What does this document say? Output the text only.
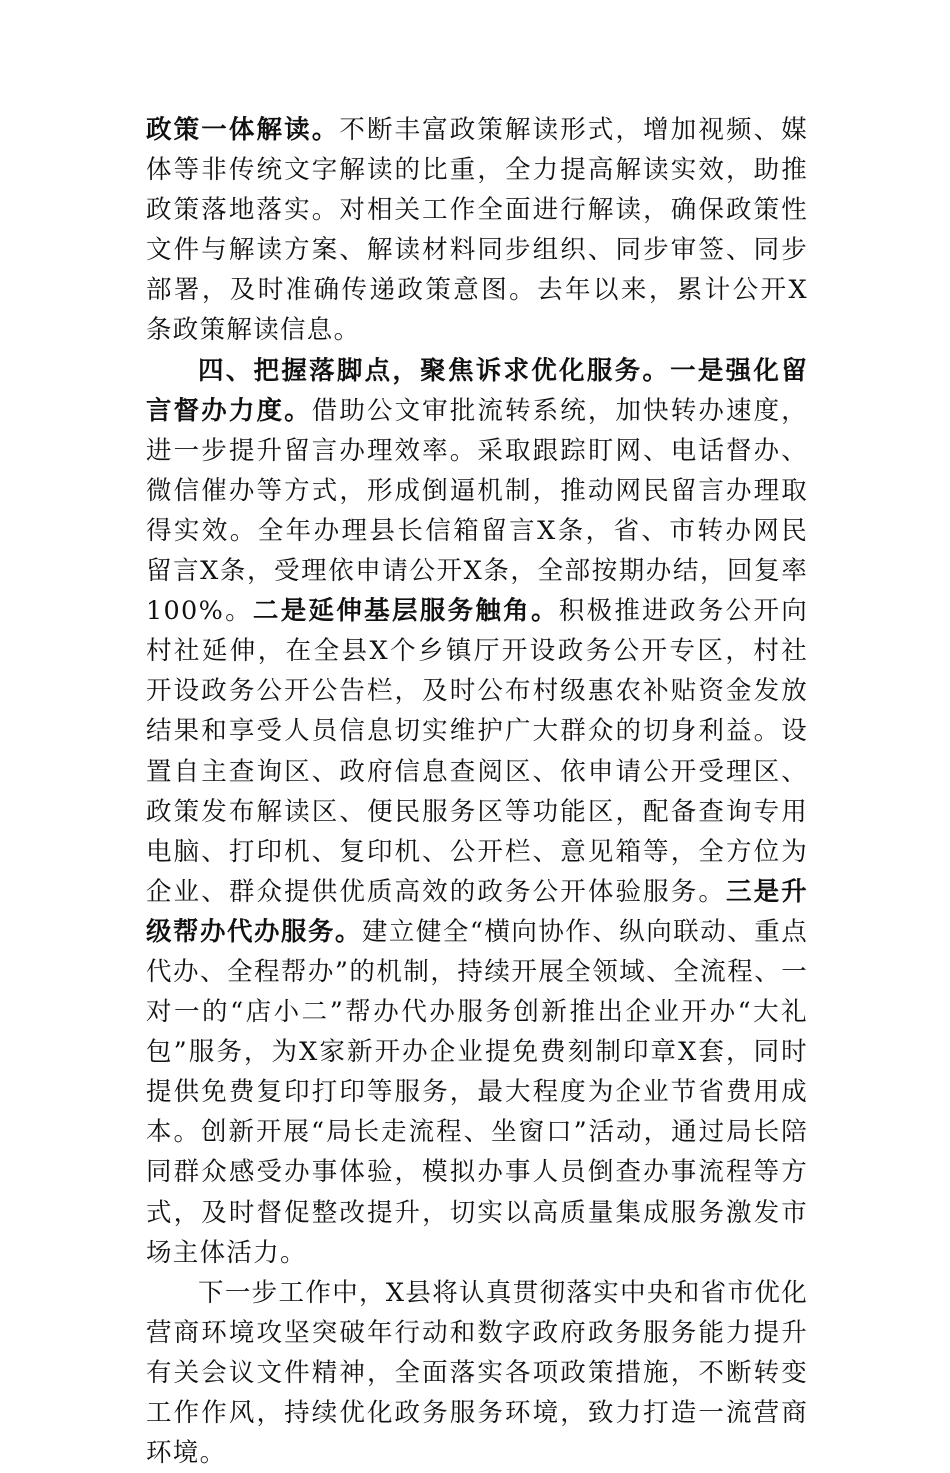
政策一体解读。不断丰富政策解读形式，增加视频、媒体等非传统文字解读的比重，全力提高解读实效，助推政策落地落实。对相关工作全面进行解读，确保政策性文件与解读方案、解读材料同步组织、同步审签、同步部署，及时准确传递政策意图。去年以来，累计公开X条政策解读信息。

四、把握落脚点，聚焦诉求优化服务。一是强化留言督办力度。借助公文审批流转系统，加快转办速度，进一步提升留言办理效率。采取跟踪盯网、电话督办、微信催办等方式，形成倒逼机制，推动网民留言办理取得实效。全年办理县长信箱留言X条，省、市转办网民留言X条，受理依申请公开X条，全部按期办结，回复率100%。二是延伸基层服务触角。积极推进政务公开向村社延伸，在全县X个乡镇厅开设政务公开专区，村社开设政务公开公告栏，及时公布村级惠农补贴资金发放结果和享受人员信息切实维护广大群众的切身利益。设置自主查询区、政府信息查阅区、依申请公开受理区、政策发布解读区、便民服务区等功能区，配备查询专用电脑、打印机、复印机、公开栏、意见箱等，全方位为企业、群众提供优质高效的政务公开体验服务。三是升级帮办代办服务。建立健全“横向协作、纵向联动、重点代办、全程帮办”的机制，持续开展全领域、全流程、一对一的“店小二”帮办代办服务创新推出企业开办“大礼包”服务，为X家新开办企业提免费刻制印章X套，同时提供免费复印打印等服务，最大程度为企业节省费用成本。创新开展“局长走流程、坐窗口”活动，通过局长陪同群众感受办事体验，模拟办事人员倒查办事流程等方式，及时督促整改提升，切实以高质量集成服务激发市场主体活力。

下一步工作中，X县将认真贯彻落实中央和省市优化营商环境攻坚突破年行动和数字政府政务服务能力提升有关会议文件精神，全面落实各项政策措施，不断转变工作作风，持续优化政务服务环境，致力打造一流营商环境。
